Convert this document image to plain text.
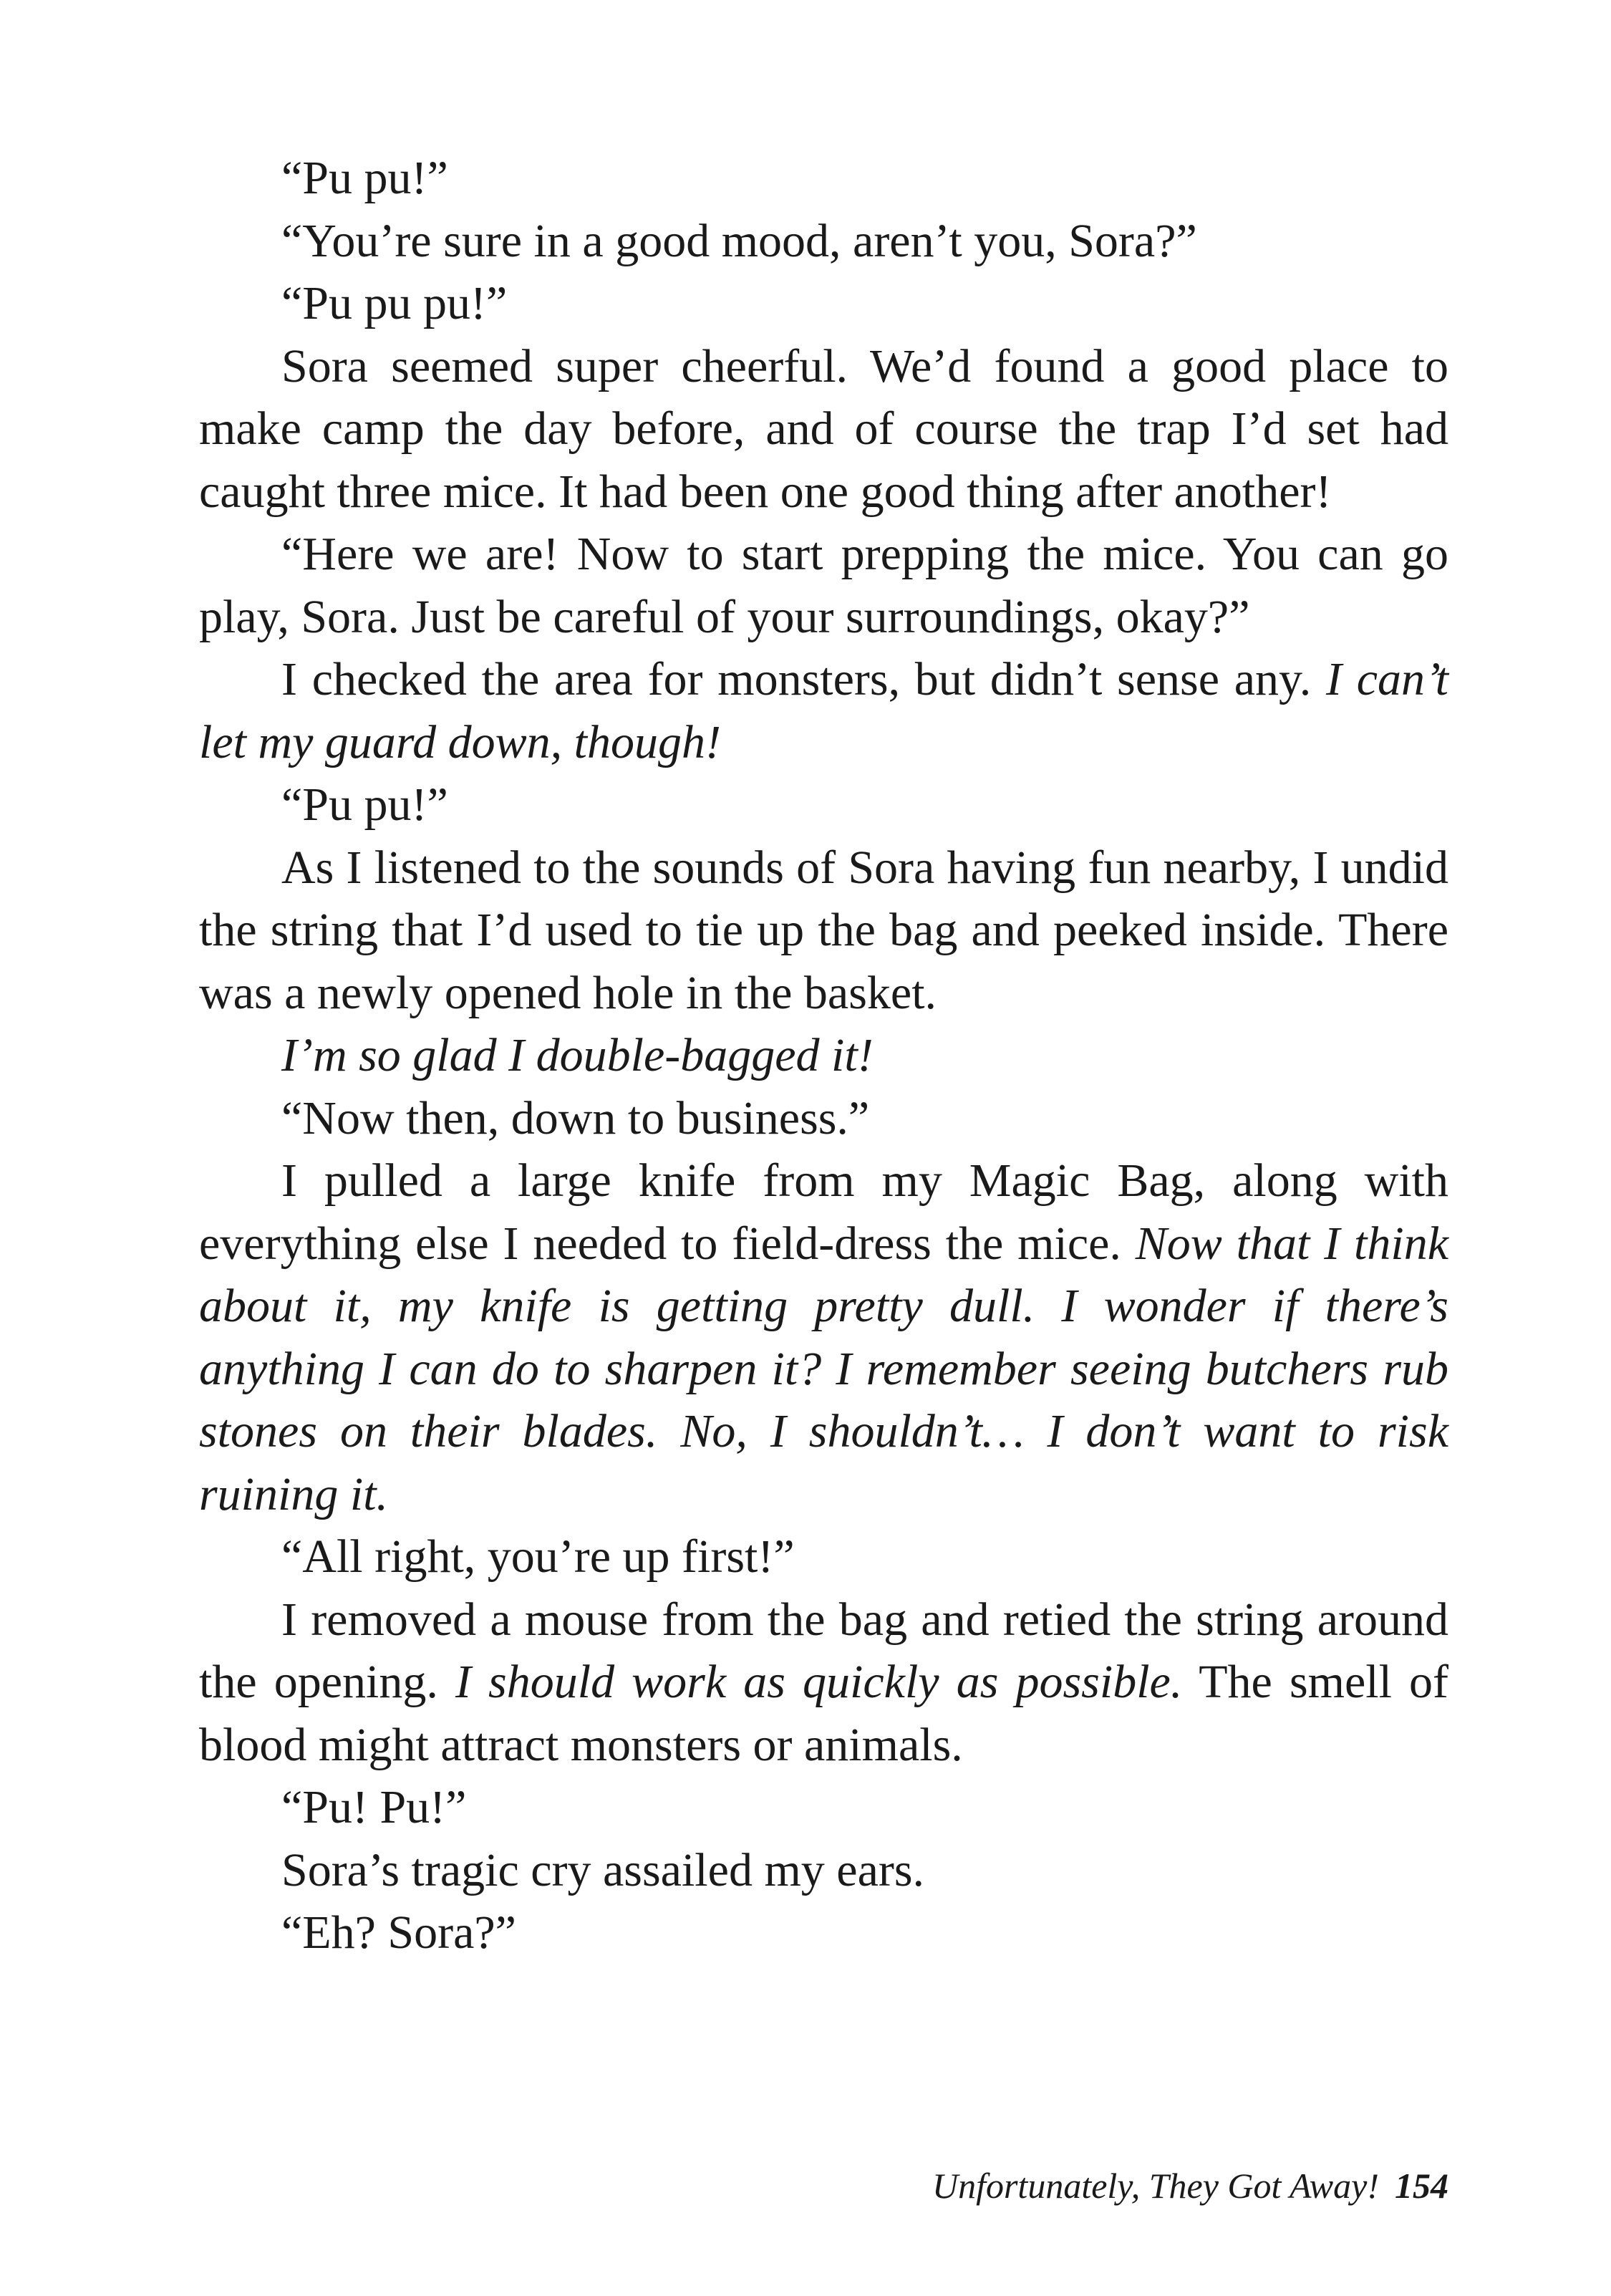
“Pu pu!”

“You’re sure in a good mood, aren’t you, Sora?”

“Pu pu pu!”

Sora seemed super cheerful. We’d found a good place to make camp the day before, and of course the trap I’d set had caught three mice. It had been one good thing after another!

“Here we are! Now to start prepping the mice. You can go play, Sora. Just be careful of your surroundings, okay?”

I checked the area for monsters, but didn’t sense any. I can’t let my guard down, though!

“Pu pu!”

As I listened to the sounds of Sora having fun nearby, I undid the string that I’d used to tie up the bag and peeked inside. There was a newly opened hole in the basket.

I’m so glad I double-bagged it!

“Now then, down to business.”

I pulled a large knife from my Magic Bag, along with everything else I needed to field-dress the mice. Now that I think about it, my knife is getting pretty dull. I wonder if there’s anything I can do to sharpen it? I remember seeing butchers rub stones on their blades. No, I shouldn’t… I don’t want to risk ruining it.

“All right, you’re up first!”

I removed a mouse from the bag and retied the string around the opening. I should work as quickly as possible. The smell of blood might attract monsters or animals.

“Pu! Pu!”

Sora’s tragic cry assailed my ears.

“Eh? Sora?”

Unfortunately, They Got Away! 154
